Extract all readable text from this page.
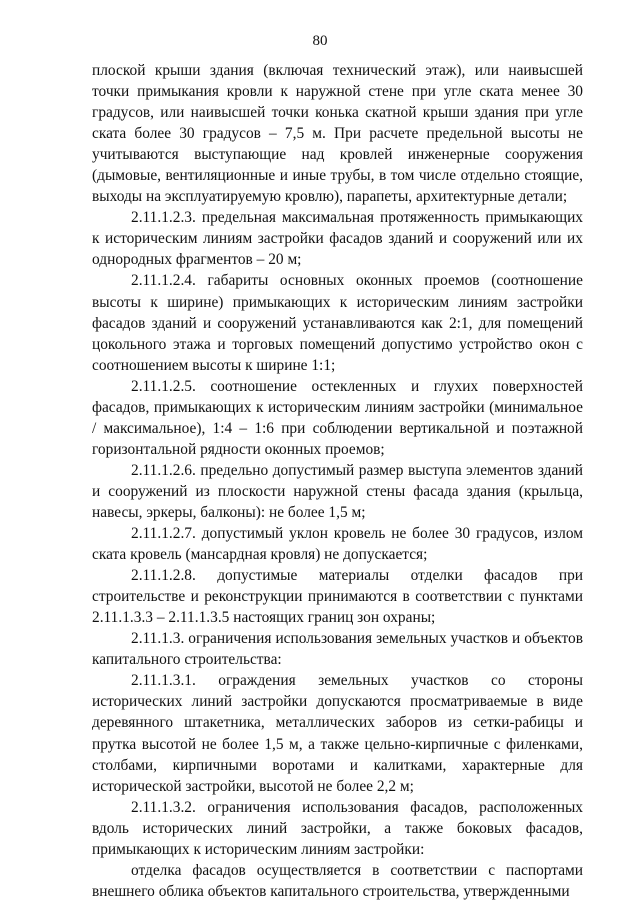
80

плоской крыши здания (включая технический этаж), или наивысшей точки примыкания кровли к наружной стене при угле ската менее 30 градусов, или наивысшей точки конька скатной крыши здания при угле ската более 30 градусов – 7,5 м. При расчете предельной высоты не учитываются выступающие над кровлей инженерные сооружения (дымовые, вентиляционные и иные трубы, в том числе отдельно стоящие, выходы на эксплуатируемую кровлю), парапеты, архитектурные детали;

2.11.1.2.3. предельная максимальная протяженность примыкающих к историческим линиям застройки фасадов зданий и сооружений или их однородных фрагментов – 20 м;

2.11.1.2.4. габариты основных оконных проемов (соотношение высоты к ширине) примыкающих к историческим линиям застройки фасадов зданий и сооружений устанавливаются как 2:1, для помещений цокольного этажа и торговых помещений допустимо устройство окон с соотношением высоты к ширине 1:1;

2.11.1.2.5. соотношение остекленных и глухих поверхностей фасадов, примыкающих к историческим линиям застройки (минимальное / максимальное), 1:4 – 1:6 при соблюдении вертикальной и поэтажной горизонтальной рядности оконных проемов;

2.11.1.2.6. предельно допустимый размер выступа элементов зданий и сооружений из плоскости наружной стены фасада здания (крыльца, навесы, эркеры, балконы): не более 1,5 м;

2.11.1.2.7. допустимый уклон кровель не более 30 градусов, излом ската кровель (мансардная кровля) не допускается;

2.11.1.2.8. допустимые материалы отделки фасадов при строительстве и реконструкции принимаются в соответствии с пунктами 2.11.1.3.3 – 2.11.1.3.5 настоящих границ зон охраны;

2.11.1.3. ограничения использования земельных участков и объектов капитального строительства:

2.11.1.3.1. ограждения земельных участков со стороны исторических линий застройки допускаются просматриваемые в виде деревянного штакетника, металлических заборов из сетки-рабицы и прутка высотой не более 1,5 м, а также цельно-кирпичные с филенками, столбами, кирпичными воротами и калитками, характерные для исторической застройки, высотой не более 2,2 м;

2.11.1.3.2. ограничения использования фасадов, расположенных вдоль исторических линий застройки, а также боковых фасадов, примыкающих к историческим линиям застройки:

отделка фасадов осуществляется в соответствии с паспортами внешнего облика объектов капитального строительства, утвержденными
